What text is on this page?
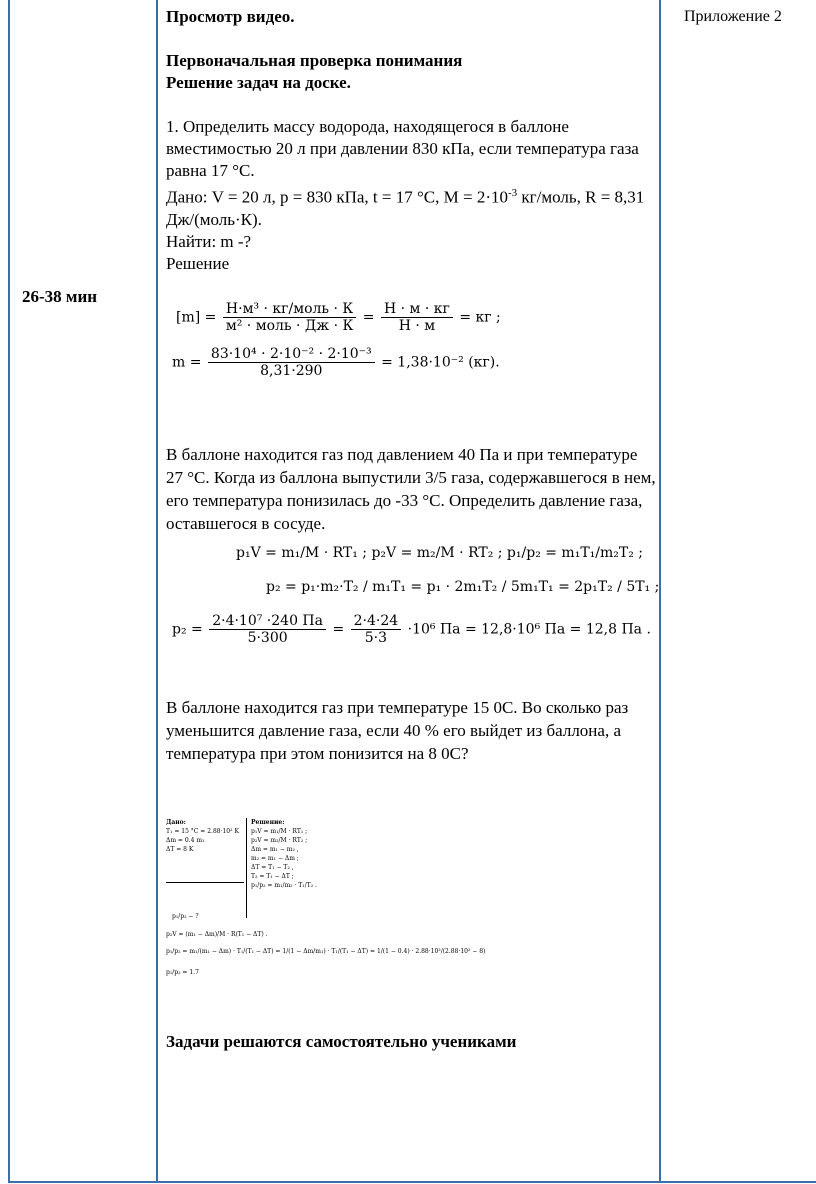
26-38 мин
Приложение 2

Просмотр видео.

Первоначальная проверка понимания

Решение задач на доске.

1. Определить массу водорода, находящегося в баллоне вместимостью 20 л при давлении 830 кПа, если температура газа равна 17 °С.

Дано: V = 20 л, р = 830 кПа, t = 17 °С, $М = 2\cdot 10^{-3}$ кг/моль, R = 8,31 Дж/(моль·К).

Найти: m -?

Решение

$[m] = \frac{\text{Н·м³ · кг/моль · К}}{\text{м² · моль · Дж · К}} = \frac{Н \cdot м \cdot кг}{Н \cdot м}$ = кг ;
$m = \frac{\text{83·10⁴ · 2·10⁻² · 2·10⁻³}}{8,31\cdot 290} = 1,38\cdot 10^{-2}$ (кг).

В баллоне находится газ под давлением 40 Па и при температуре 27 °С. Когда из баллона выпустили 3/5 газа, содержавшегося в нем, его температура понизилась до -33 °С. Определить давление газа, оставшегося в сосуде.

p₁V = m₁/M · RT₁ ; p₂V = m₂/M · RT₂ ; p₁/p₂ = m₁T₁/m₂T₂ ;
p₂ = p₁·m₂·T₂ / m₁T₁ = p₁ · 2m₁T₂ / 5m₁T₁ = 2p₁T₂ / 5T₁ ;
$p_2 = \frac{\text{2·4·10⁷ ·240 Па}}{5\cdot 300} = \frac{2\cdot 4\cdot 24}{5\cdot 3} \cdot 10^6$ Па = 12,8·10⁶ Па = 12,8 Па .

В баллоне находится газ при температуре 15 0С. Во сколько раз уменьшится давление газа, если 40 % его выйдет из баллона, а температура при этом понизится на 8 0С?

Дано:
T₁ = 15 °C = 2.88·10² K
Δm = 0.4 m₁
ΔT = 8 K
p₁/p₂ − ?
Решение:
p₁V = m₁/M · RT₁ ;
p₂V = m₂/M · RT₂ ;
Δm = m₁ − m₂ ,
m₂ = m₁ − Δm ;
ΔT = T₁ − T₂ ,
T₂ = T₁ − ΔT ;
p₁/p₂ = m₁/m₂ · T₁/T₂ .
p₂V = (m₁ − Δm)/M · R(T₁ − ΔT) .
p₁/p₂ = m₁/(m₁ − Δm) · T₁/(T₁ − ΔT) = 1/(1 − Δm/m₁) · T₁/(T₁ − ΔT) = 1/(1 − 0.4) · 2.88·10²/(2.88·10² − 8)
p₁/p₂ = 1.7
Задачи решаются самостоятельно учениками
